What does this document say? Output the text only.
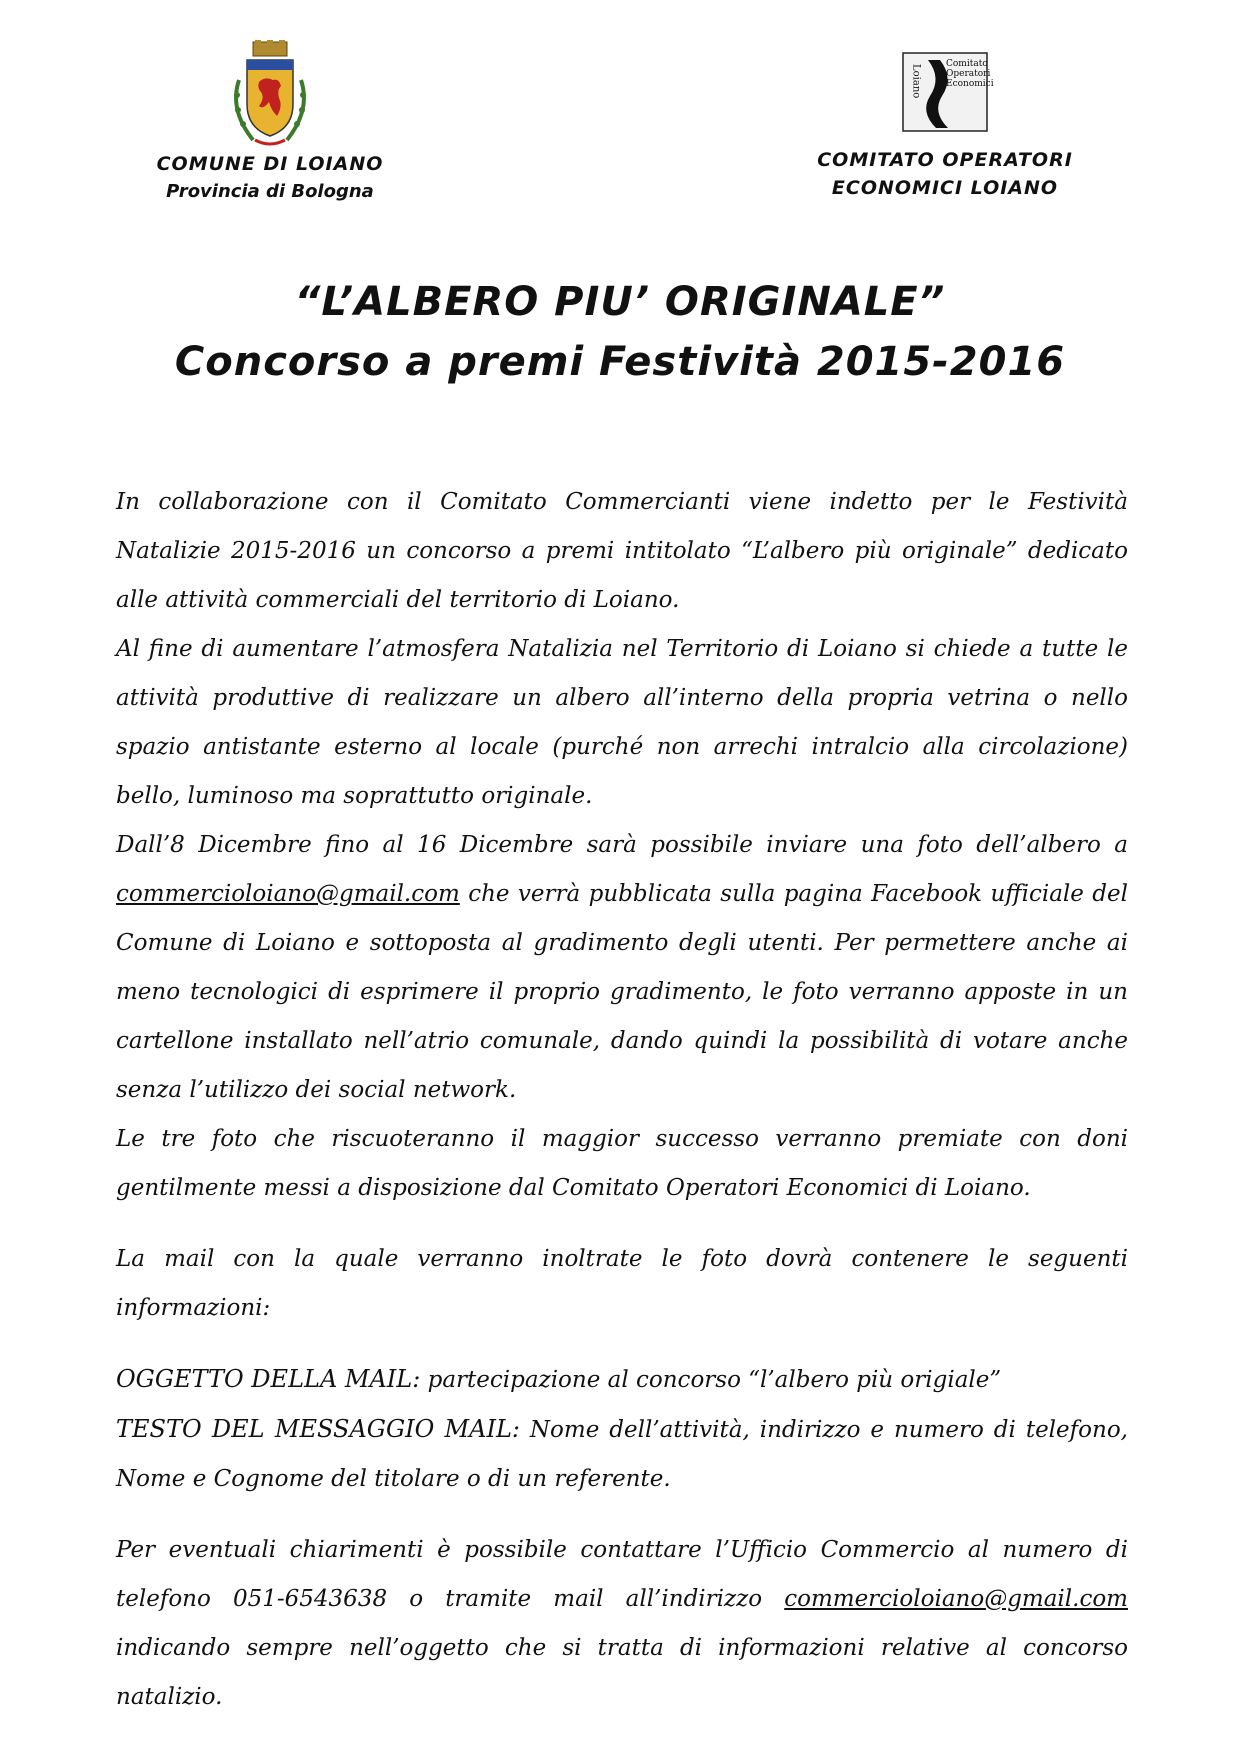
COMUNE DI LOIANO
Provincia di Bologna
Loiano	Comitato
Operatori
Economici
COMITATO OPERATORI
ECONOMICI LOIANO
“L’ALBERO PIU’ ORIGINALE”
Concorso a premi Festività 2015-2016

In collaborazione con il Comitato Commercianti viene indetto per le Festività Natalizie 2015-2016 un concorso a premi intitolato “L’albero più originale” dedicato alle attività commerciali del territorio di Loiano.

Al fine di aumentare l’atmosfera Natalizia nel Territorio di Loiano si chiede a tutte le attività produttive di realizzare un albero all’interno della propria vetrina o nello spazio antistante esterno al locale (purché non arrechi intralcio alla circolazione) bello, luminoso ma soprattutto originale.

Dall’8 Dicembre fino al 16 Dicembre sarà possibile inviare una foto dell’albero a commercioloiano@gmail.com che verrà pubblicata sulla pagina Facebook ufficiale del Comune di Loiano e sottoposta al gradimento degli utenti. Per permettere anche ai meno tecnologici di esprimere il proprio gradimento, le foto verranno apposte in un cartellone installato nell’atrio comunale, dando quindi la possibilità di votare anche senza l’utilizzo dei social network.

Le tre foto che riscuoteranno il maggior successo verranno premiate con doni gentilmente messi a disposizione dal Comitato Operatori Economici di Loiano.

La mail con la quale verranno inoltrate le foto dovrà contenere le seguenti informazioni:

OGGETTO DELLA MAIL: partecipazione al concorso “l’albero più origiale”

TESTO DEL MESSAGGIO MAIL: Nome dell’attività, indirizzo e numero di telefono, Nome e Cognome del titolare o di un referente.

Per eventuali chiarimenti è possibile contattare l’Ufficio Commercio al numero di telefono 051-6543638 o tramite mail all’indirizzo commercioloiano@gmail.com indicando sempre nell’oggetto che si tratta di informazioni relative al concorso natalizio.
